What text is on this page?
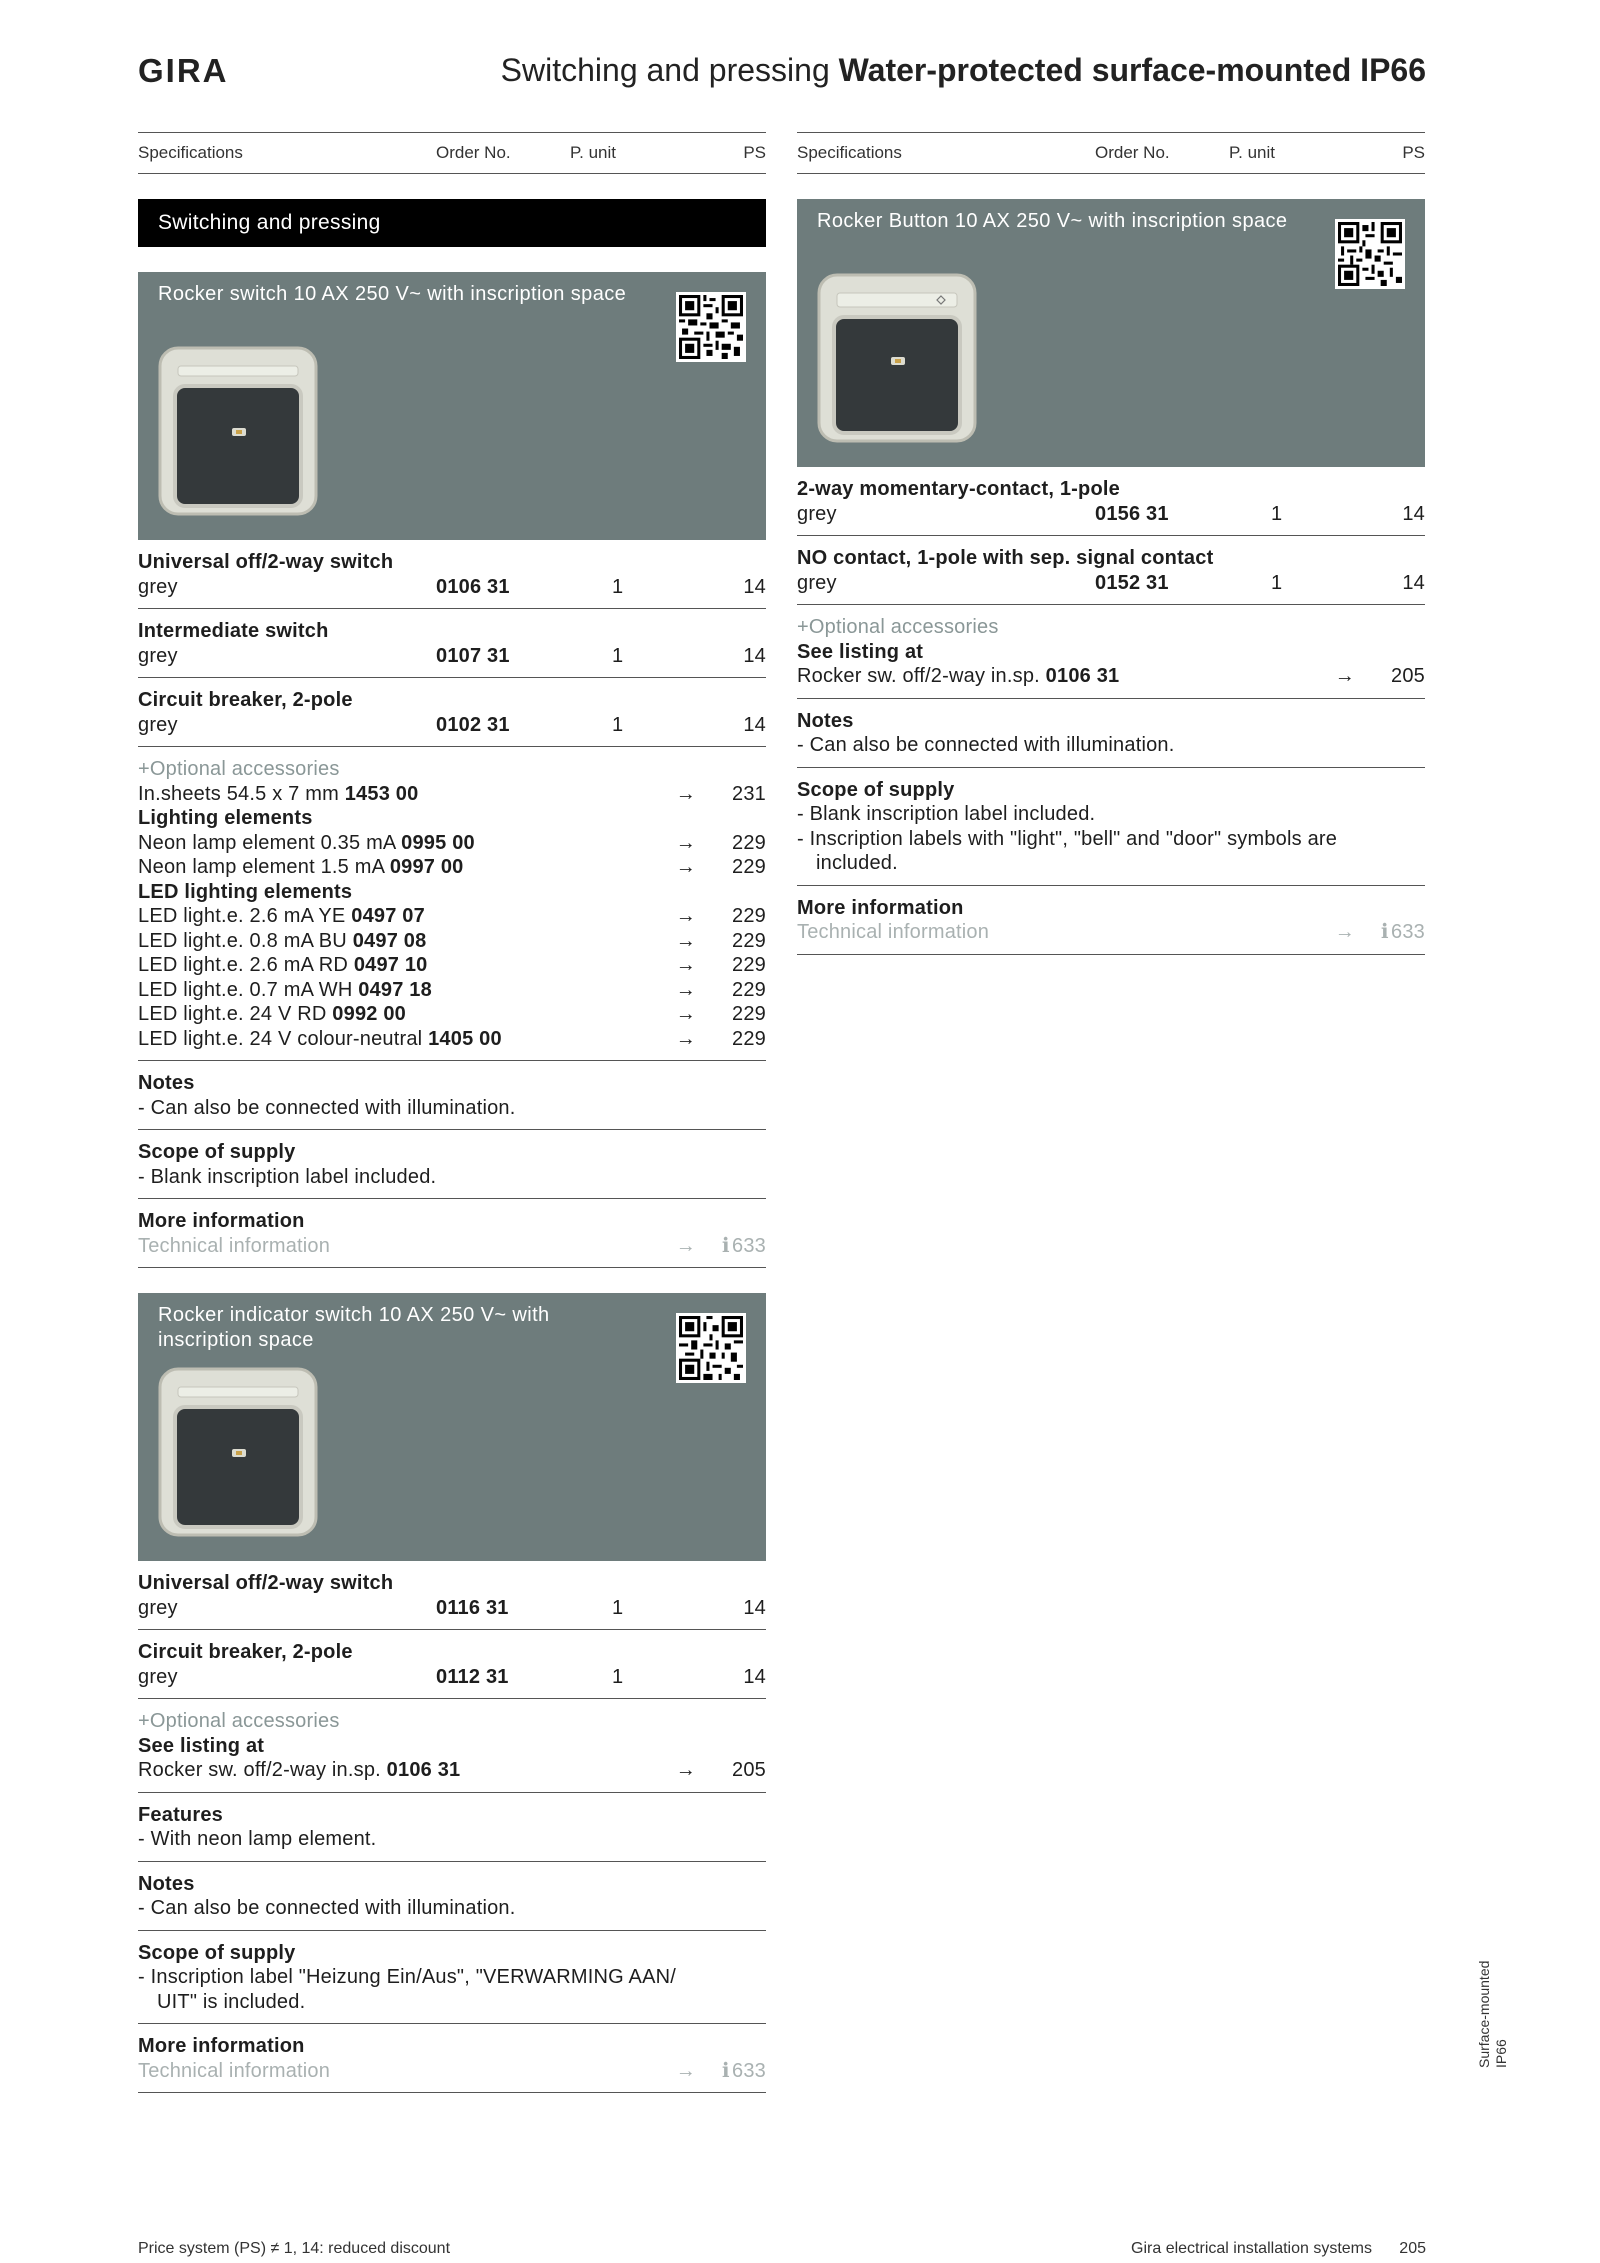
GIRA	Switching and pressing Water-protected surface-mounted IP66
Specifications	Order No.	P. unit	PS
Switching and pressing
Rocker switch 10 AX 250 V~ with inscription space
Universal off/2-way switch
grey	0106 31	1	14
Intermediate switch
grey	0107 31	1	14
Circuit breaker, 2-pole
grey	0102 31	1	14
+Optional accessories
In.sheets 54.5 x 7 mm 1453 00	→ 231
Lighting elements
Neon lamp element 0.35 mA 0995 00	→ 229
Neon lamp element 1.5 mA 0997 00	→ 229
LED lighting elements
LED light.e. 2.6 mA YE 0497 07	→ 229
LED light.e. 0.8 mA BU 0497 08	→ 229
LED light.e. 2.6 mA RD 0497 10	→ 229
LED light.e. 0.7 mA WH 0497 18	→ 229
LED light.e. 24 V RD 0992 00	→ 229
LED light.e. 24 V colour-neutral 1405 00	→ 229
Notes
- Can also be connected with illumination.
Scope of supply
- Blank inscription label included.
More information
Technical information	→ ℹ 633
Rocker indicator switch 10 AX 250 V~ with inscription space
Universal off/2-way switch
grey	0116 31	1	14
Circuit breaker, 2-pole
grey	0112 31	1	14
+Optional accessories
See listing at
Rocker sw. off/2-way in.sp. 0106 31	→ 205
Features
- With neon lamp element.
Notes
- Can also be connected with illumination.
Scope of supply
- Inscription label "Heizung Ein/Aus", "VERWARMING AAN/
UIT" is included.
More information
Technical information	→ ℹ 633
Specifications	Order No.	P. unit	PS
Rocker Button 10 AX 250 V~ with inscription space
2-way momentary-contact, 1-pole
grey	0156 31	1	14
NO contact, 1-pole with sep. signal contact
grey	0152 31	1	14
+Optional accessories
See listing at
Rocker sw. off/2-way in.sp. 0106 31	→ 205
Notes
- Can also be connected with illumination.
Scope of supply
- Blank inscription label included.
- Inscription labels with "light", "bell" and "door" symbols are
included.
More information
Technical information	→ ℹ 633
Surface-mounted IP66
Price system (PS) ≠ 1, 14: reduced discount	Gira electrical installation systems 205
